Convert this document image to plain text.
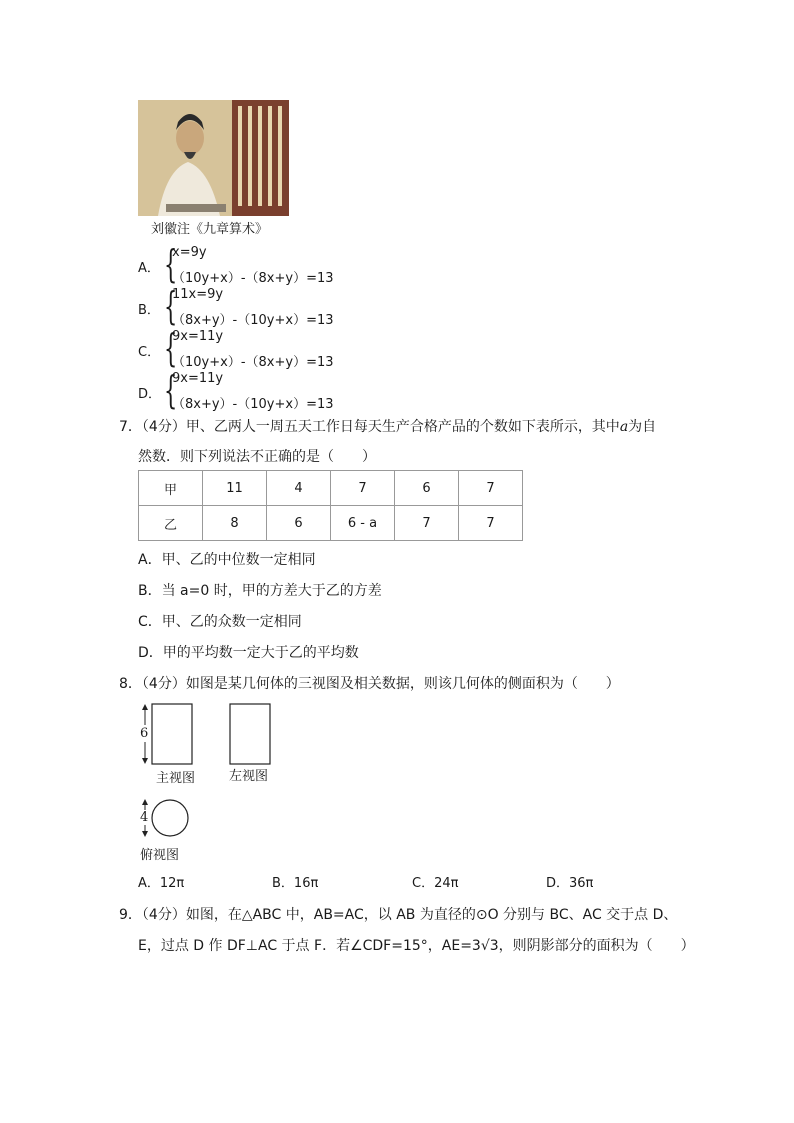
刘徽注《九章算术》
A． {
x=9y
（10y+x）-（8x+y）=13
B． {
11x=9y
（8x+y）-（10y+x）=13
C． {
9x=11y
（10y+x）-（8x+y）=13
D． {
9x=11y
（8x+y）-（10y+x）=13
7．（4分）甲、乙两人一周五天工作日每天生产合格产品的个数如下表所示，其中a为自
然数．则下列说法不正确的是（　　）
甲	11	4	7	6	7
乙	8	6	6 - a	7	7
A．甲、乙的中位数一定相同
B．当 a=0 时，甲的方差大于乙的方差
C．甲、乙的众数一定相同
D．甲的平均数一定大于乙的平均数
8．（4分）如图是某几何体的三视图及相关数据，则该几何体的侧面积为（　　）
6
主视图	左视图
4
俯视图
A．12π	B．16π	C．24π	D．36π
9．（4分）如图，在△ABC 中，AB=AC，以 AB 为直径的⊙O 分别与 BC、AC 交于点 D、
E，过点 D 作 DF⊥AC 于点 F．若∠CDF=15°，AE=3√3，则阴影部分的面积为（　　）
